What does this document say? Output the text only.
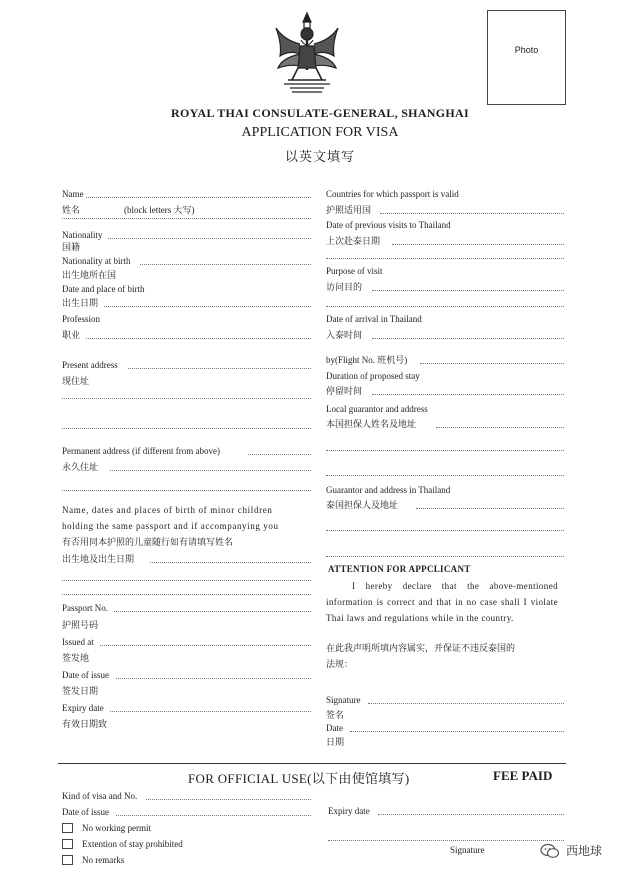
Photo
ROYAL THAI CONSULATE-GENERAL, SHANGHAI
APPLICATION FOR VISA
以英文填写
Name
姓名	(block letters 大写)
Nationality
国籍
Nationality at birth
出生地所在国
Date and place of birth
出生日期
Profession
职业
Present address
现住址
Permanent address (if different from above)
永久住址
Name, dates and places of birth of minor children
holding the same passport and if accompanying you
有否用同本护照的儿童随行如有请填写姓名
出生地及出生日期
Passport No.
护照号码
Issued at
签发地
Date of issue
签发日期
Expiry date
有效日期致
Countries for which passport is valid
护照适用国
Date of previous visits to Thailand
上次赴泰日期
Purpose of visit
访问目的
Date of arrival in Thailand
入泰时间
by(Flight No. 班机号)
Duration of proposed stay
停留时间
Local guarantor and address
本国担保人姓名及地址
Guarantor and address in Thailand
泰国担保人及地址
ATTENTION FOR APPCLICANT
I hereby declare that the above-mentioned information is correct and that in no case shall I violate Thai laws and regulations while in the country.
在此我声明所填内容属实，并保证不违反泰国的
法规：
Signature
签名
Date
日期
FOR OFFICIAL USE(以下由使馆填写)	FEE PAID
Kind of visa and No.
Date of issue	Expiry date
No working permit
Extention of stay prohibited
No remarks
Signature	西地球
